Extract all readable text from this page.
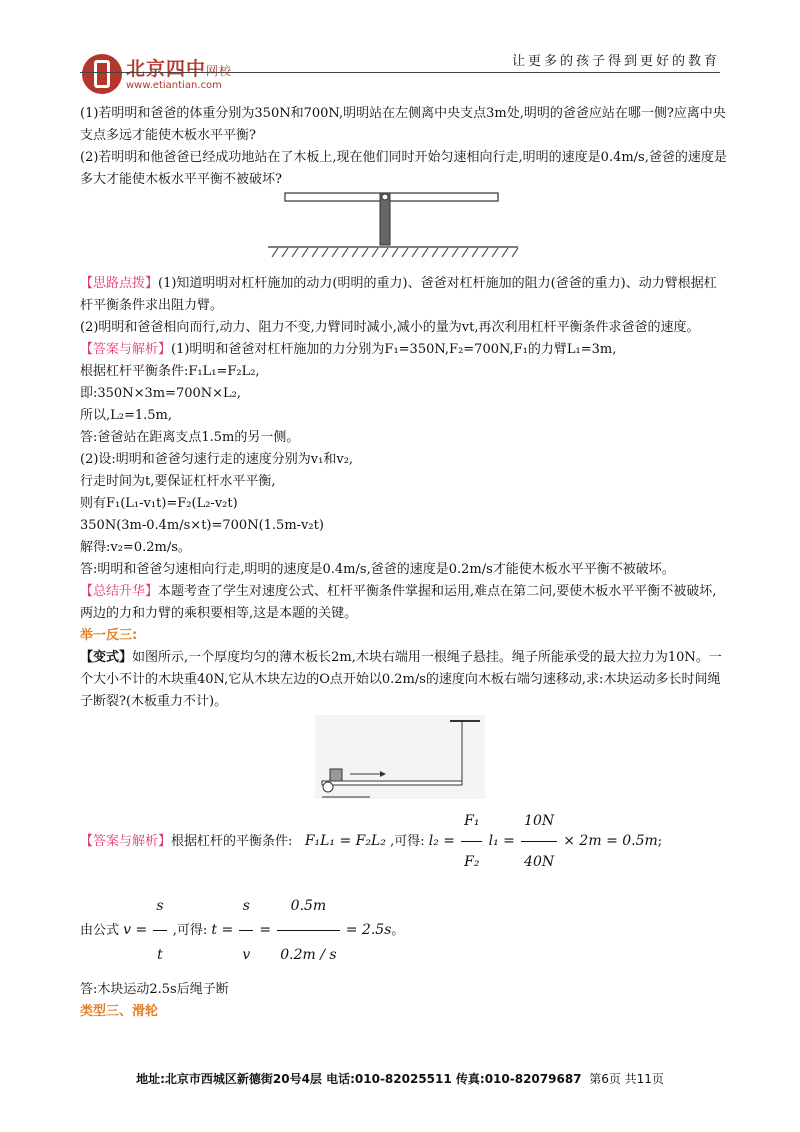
北京四中网校
www.etiantian.com
让更多的孩子得到更好的教育

(1)若明明和爸爸的体重分别为350N和700N,明明站在左侧离中央支点3m处,明明的爸爸应站在哪一侧?应离中央支点多远才能使木板水平平衡?

(2)若明明和他爸爸已经成功地站在了木板上,现在他们同时开始匀速相向行走,明明的速度是0.4m/s,爸爸的速度是多大才能使木板水平平衡不被破坏?

【思路点拨】(1)知道明明对杠杆施加的动力(明明的重力)、爸爸对杠杆施加的阻力(爸爸的重力)、动力臂根据杠杆平衡条件求出阻力臂。

(2)明明和爸爸相向而行,动力、阻力不变,力臂同时减小,减小的量为vt,再次利用杠杆平衡条件求爸爸的速度。

【答案与解析】(1)明明和爸爸对杠杆施加的力分别为F₁=350N,F₂=700N,F₁的力臂L₁=3m,

根据杠杆平衡条件:F₁L₁=F₂L₂,

即:350N×3m=700N×L₂,

所以,L₂=1.5m,

答:爸爸站在距离支点1.5m的另一侧。

(2)设:明明和爸爸匀速行走的速度分别为v₁和v₂,

行走时间为t,要保证杠杆水平平衡,

则有F₁(L₁-v₁t)=F₂(L₂-v₂t)

350N(3m-0.4m/s×t)=700N(1.5m-v₂t)

解得:v₂=0.2m/s。

答:明明和爸爸匀速相向行走,明明的速度是0.4m/s,爸爸的速度是0.2m/s才能使木板水平平衡不被破坏。

【总结升华】本题考查了学生对速度公式、杠杆平衡条件掌握和运用,难点在第二问,要使木板水平平衡不被破坏,两边的力和力臂的乘积要相等,这是本题的关键。

举一反三:

【变式】如图所示,一个厚度均匀的薄木板长2m,木块右端用一根绳子悬挂。绳子所能承受的最大拉力为10N。一个大小不计的木块重40N,它从木块左边的O点开始以0.2m/s的速度向木板右端匀速移动,求:木块运动多长时间绳子断裂?(木板重力不计)。

【答案与解析】根据杠杆的平衡条件: F₁L₁ = F₂L₂ ,可得: $l_2 = \frac{\text{F₁}}{\text{F₂}} l_1 = \frac{10N}{40N} \times 2m = 0.5m$;

由公式 $v = \frac{s}{t}$ ,可得: $t = \frac{s}{v} = \frac{0.5m}{0.2m / s} = 2.5s$。

答:木块运动2.5s后绳子断

类型三、滑轮

地址:北京市西城区新德街20号4层 电话:010-82025511 传真:010-82079687 第6页 共11页
